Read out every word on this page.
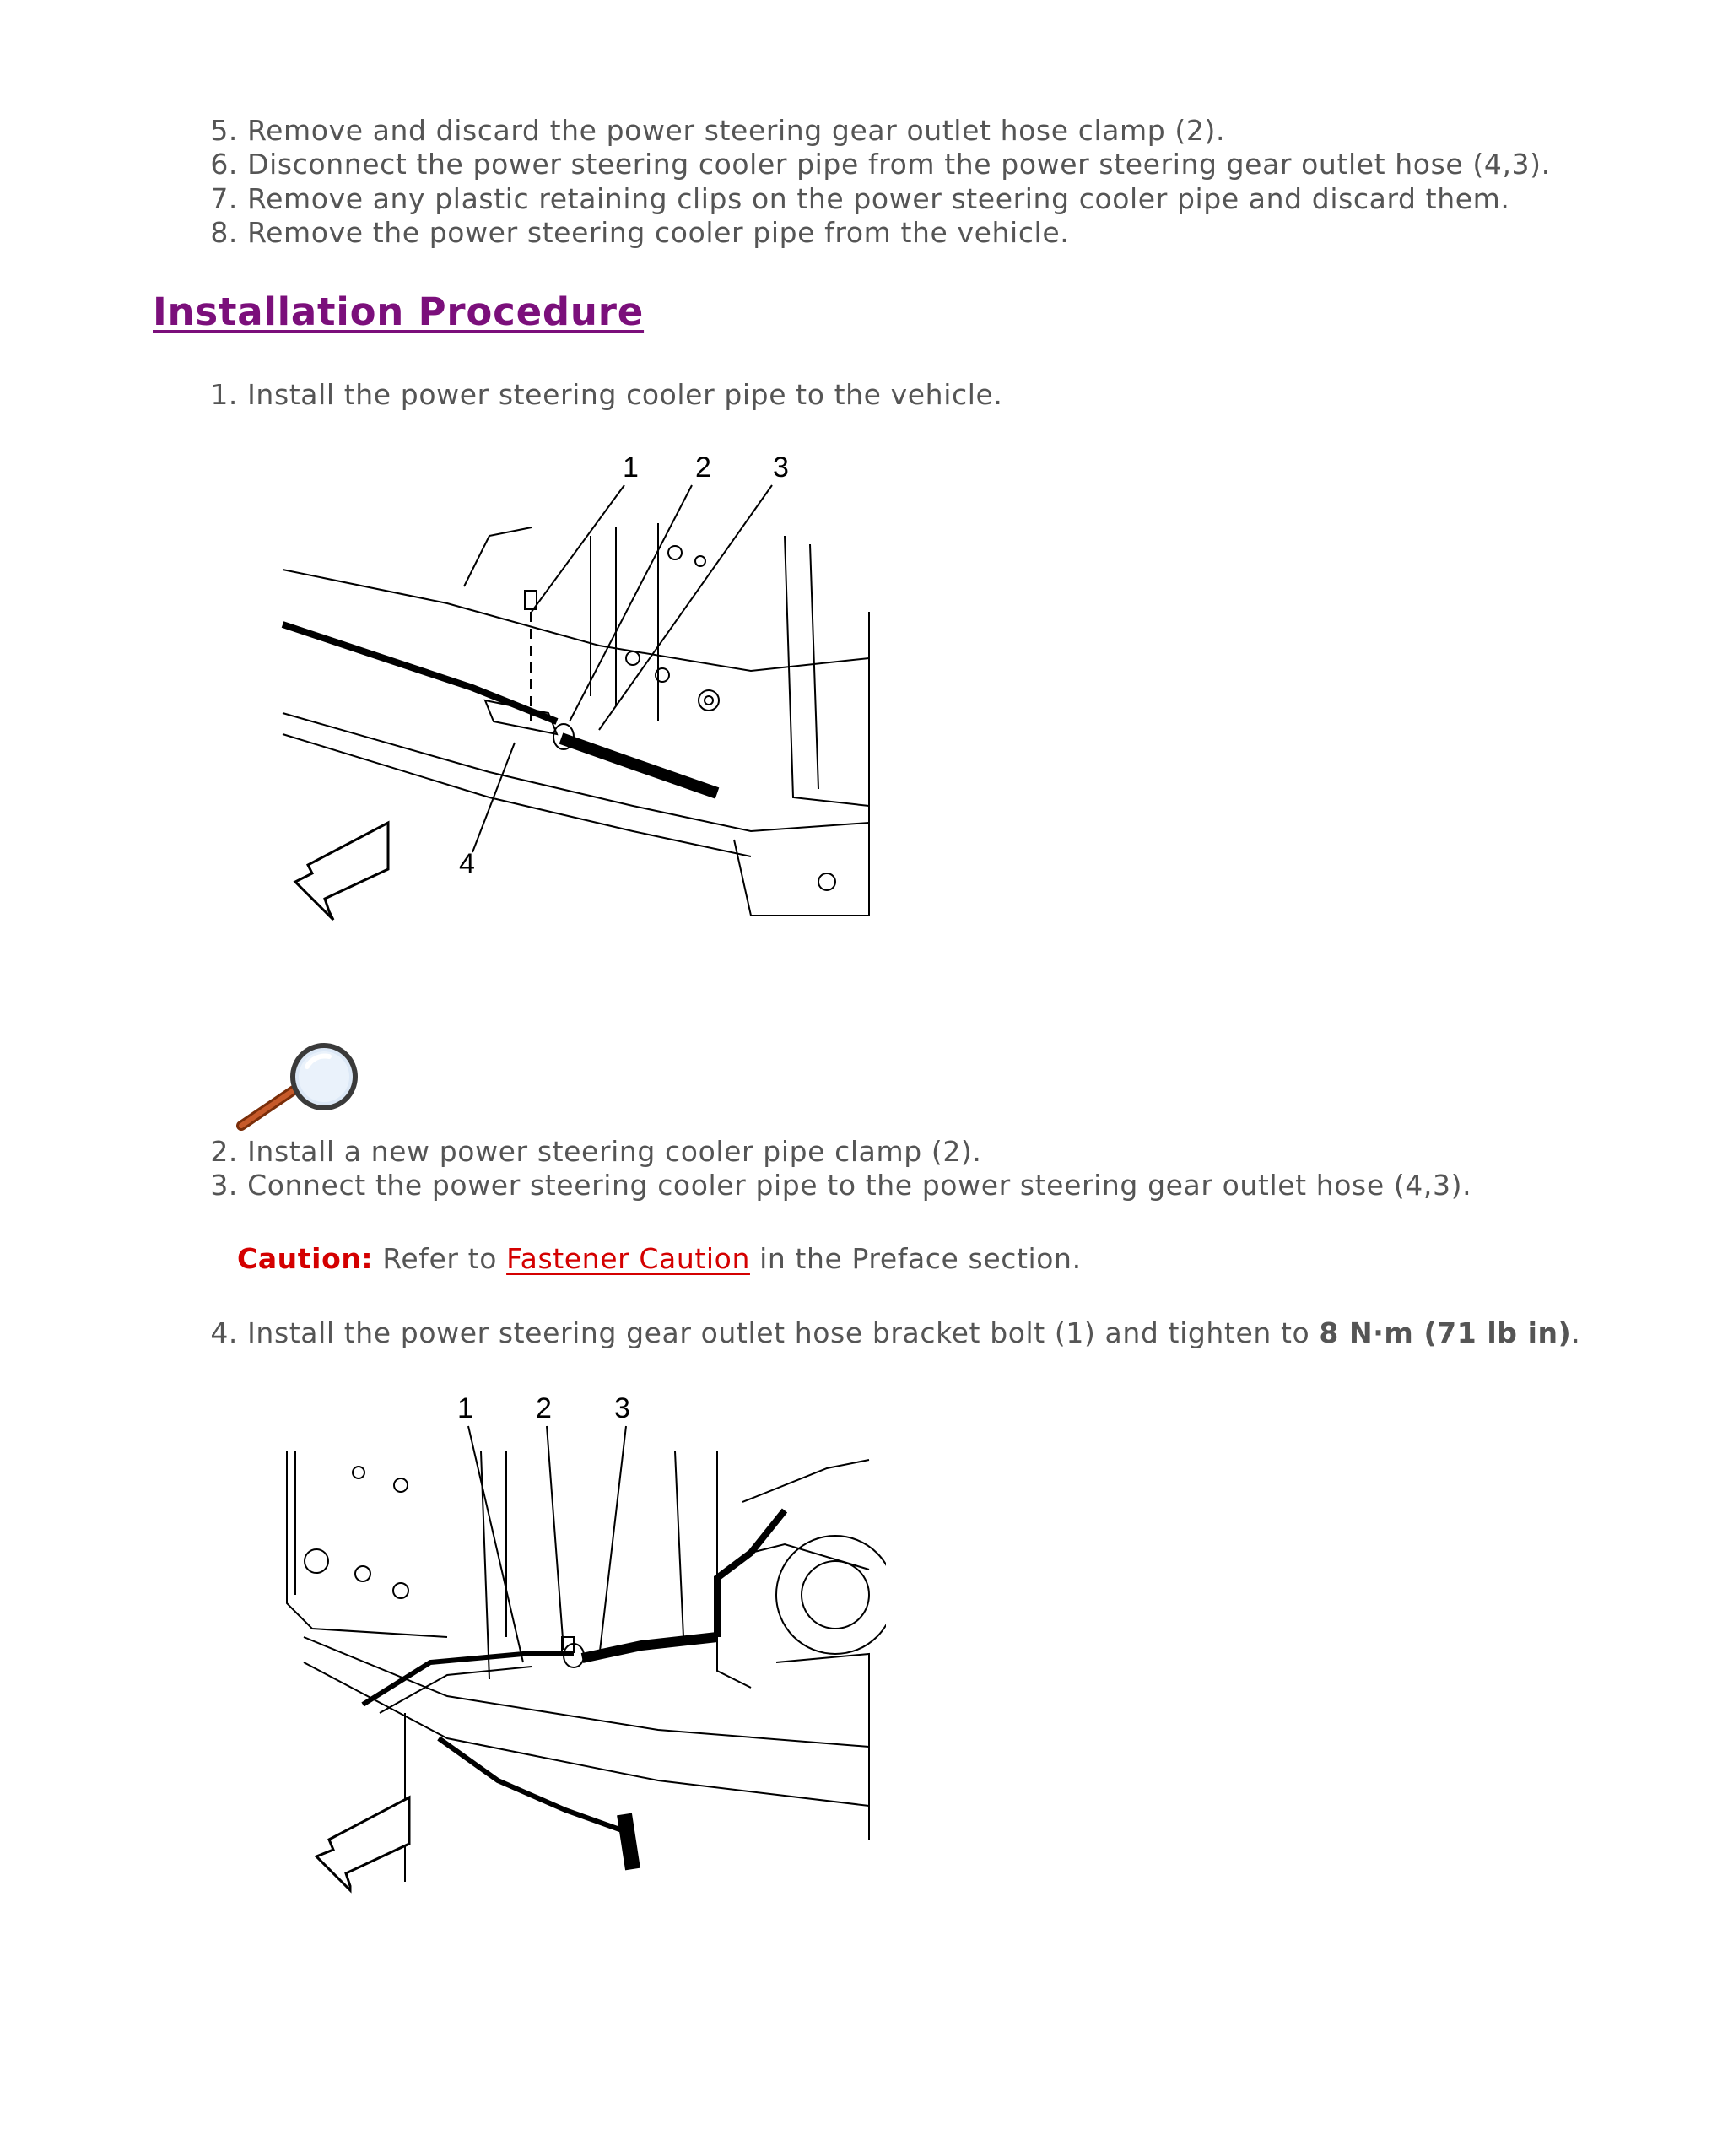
5. Remove and discard the power steering gear outlet hose clamp (2).
6. Disconnect the power steering cooler pipe from the power steering gear outlet hose (4,3).
7. Remove any plastic retaining clips on the power steering cooler pipe and discard them.
8. Remove the power steering cooler pipe from the vehicle.
Installation Procedure
1. Install the power steering cooler pipe to the vehicle.
1 2 3
4
2. Install a new power steering cooler pipe clamp (2).
3. Connect the power steering cooler pipe to the power steering gear outlet hose (4,3).
Caution: Refer to Fastener Caution in the Preface section.
4. Install the power steering gear outlet hose bracket bolt (1) and tighten to 8 N·m (71 lb in).
1 2 3
